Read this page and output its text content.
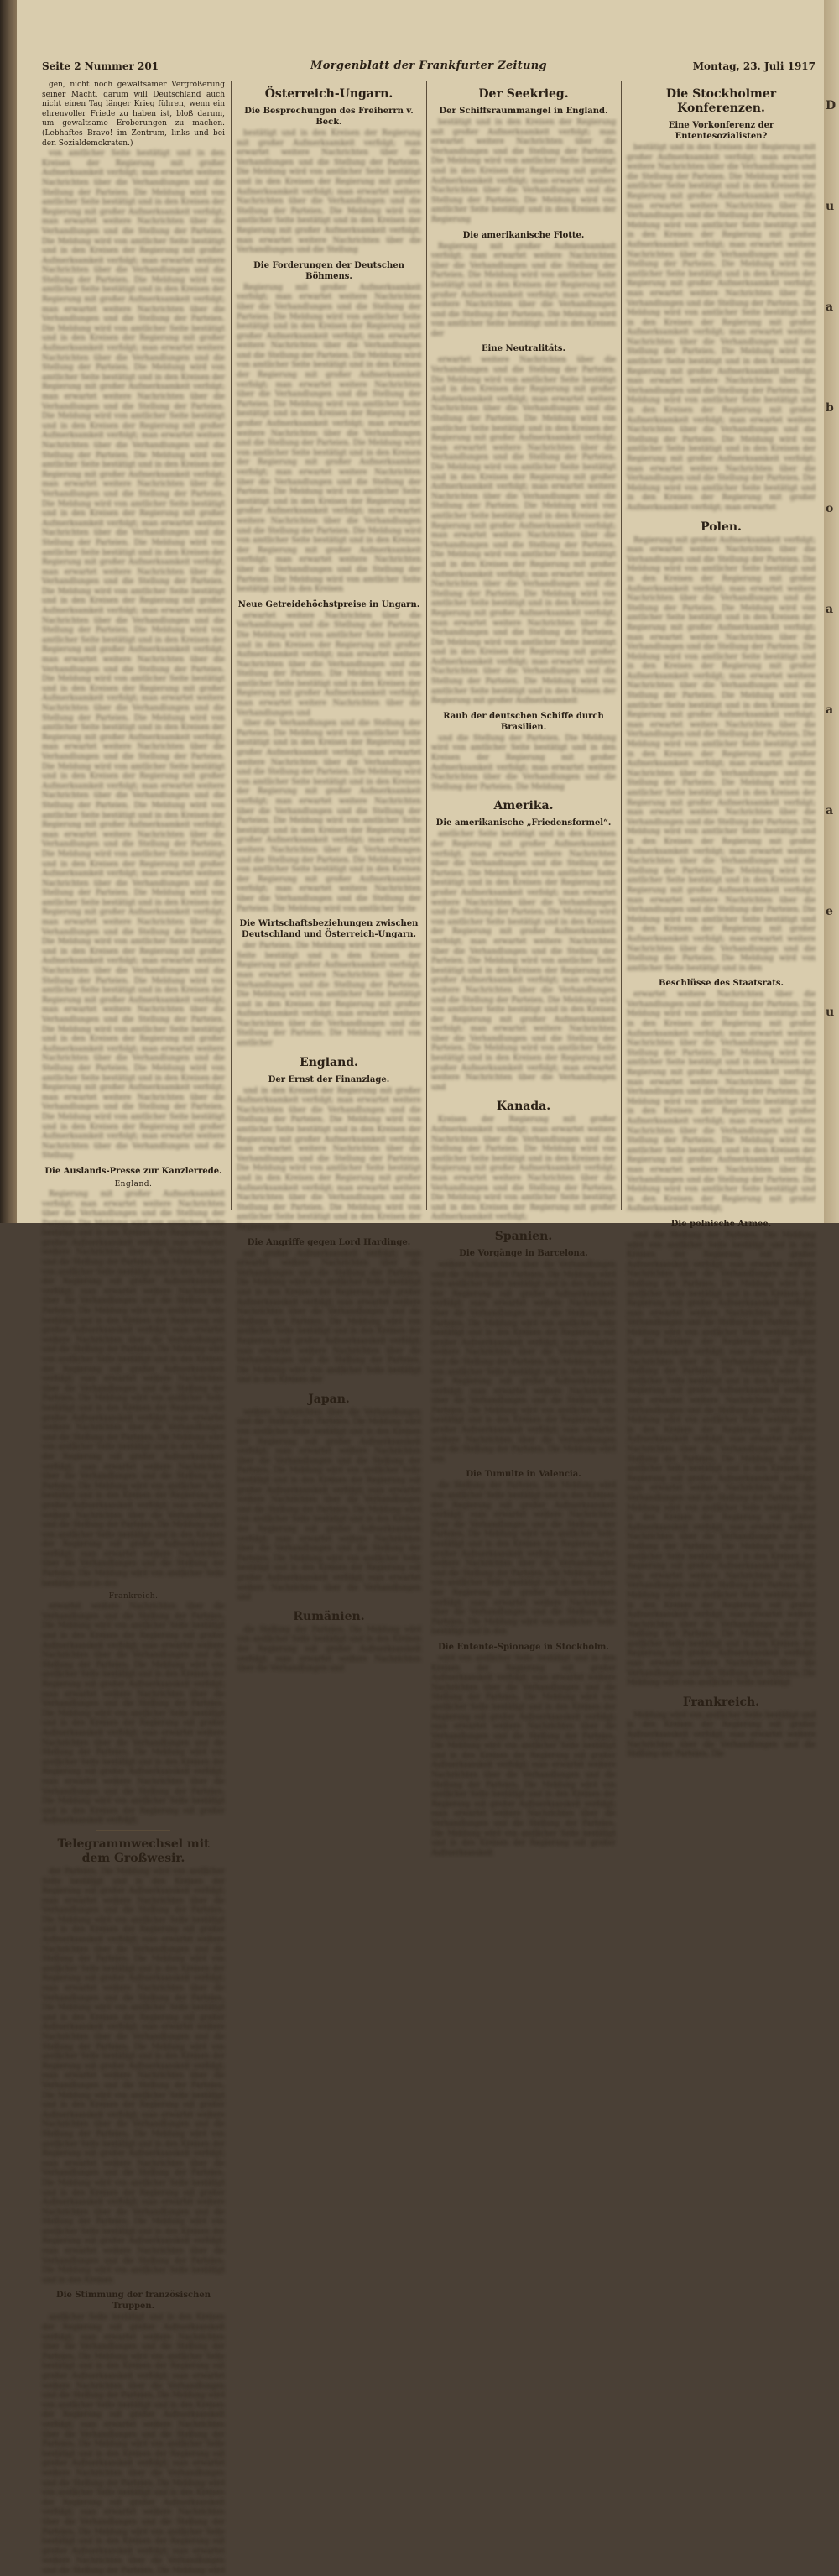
Seite 2 Nummer 201	Morgenblatt der Frankfurter Zeitung	Montag, 23. Juli 1917

gen, nicht noch gewaltsamer Vergrößerung seiner Macht, darum will Deutschland auch nicht einen Tag länger Krieg führen, wenn ein ehrenvoller Friede zu haben ist, bloß darum, um gewaltsame Eroberungen zu machen. (Lebhaftes Bravo! im Zentrum, links und bei den Sozialdemokraten.)

von amtlicher Seite bestätigt und in den Kreisen der Regierung mit großer Aufmerksamkeit verfolgt; man erwartet weitere Nachrichten über die Verhandlungen und die Stellung der Parteien. Die Meldung wird von amtlicher Seite bestätigt und in den Kreisen der Regierung mit großer Aufmerksamkeit verfolgt; man erwartet weitere Nachrichten über die Verhandlungen und die Stellung der Parteien. Die Meldung wird von amtlicher Seite bestätigt und in den Kreisen der Regierung mit großer Aufmerksamkeit verfolgt; man erwartet weitere Nachrichten über die Verhandlungen und die Stellung der Parteien. Die Meldung wird von amtlicher Seite bestätigt und in den Kreisen der Regierung mit großer Aufmerksamkeit verfolgt; man erwartet weitere Nachrichten über die Verhandlungen und die Stellung der Parteien. Die Meldung wird von amtlicher Seite bestätigt und in den Kreisen der Regierung mit großer Aufmerksamkeit verfolgt; man erwartet weitere Nachrichten über die Verhandlungen und die Stellung der Parteien. Die Meldung wird von amtlicher Seite bestätigt und in den Kreisen der Regierung mit großer Aufmerksamkeit verfolgt; man erwartet weitere Nachrichten über die Verhandlungen und die Stellung der Parteien. Die Meldung wird von amtlicher Seite bestätigt und in den Kreisen der Regierung mit großer Aufmerksamkeit verfolgt; man erwartet weitere Nachrichten über die Verhandlungen und die Stellung der Parteien. Die Meldung wird von amtlicher Seite bestätigt und in den Kreisen der Regierung mit großer Aufmerksamkeit verfolgt; man erwartet weitere Nachrichten über die Verhandlungen und die Stellung der Parteien. Die Meldung wird von amtlicher Seite bestätigt und in den Kreisen der Regierung mit großer Aufmerksamkeit verfolgt; man erwartet weitere Nachrichten über die Verhandlungen und die Stellung der Parteien. Die Meldung wird von amtlicher Seite bestätigt und in den Kreisen der Regierung mit großer Aufmerksamkeit verfolgt; man erwartet weitere Nachrichten über die Verhandlungen und die Stellung der Parteien. Die Meldung wird von amtlicher Seite bestätigt und in den Kreisen der Regierung mit großer Aufmerksamkeit verfolgt; man erwartet weitere Nachrichten über die Verhandlungen und die Stellung der Parteien. Die Meldung wird von amtlicher Seite bestätigt und in den Kreisen der Regierung mit großer Aufmerksamkeit verfolgt; man erwartet weitere Nachrichten über die Verhandlungen und die Stellung der Parteien. Die Meldung wird von amtlicher Seite bestätigt und in den Kreisen der Regierung mit großer Aufmerksamkeit verfolgt; man erwartet weitere Nachrichten über die Verhandlungen und die Stellung der Parteien. Die Meldung wird von amtlicher Seite bestätigt und in den Kreisen der Regierung mit großer Aufmerksamkeit verfolgt; man erwartet weitere Nachrichten über die Verhandlungen und die Stellung der Parteien. Die Meldung wird von amtlicher Seite bestätigt und in den Kreisen der Regierung mit großer Aufmerksamkeit verfolgt; man erwartet weitere Nachrichten über die Verhandlungen und die Stellung der Parteien. Die Meldung wird von amtlicher Seite bestätigt und in den Kreisen der Regierung mit großer Aufmerksamkeit verfolgt; man erwartet weitere Nachrichten über die Verhandlungen und die Stellung der Parteien. Die Meldung wird von amtlicher Seite bestätigt und in den Kreisen der Regierung mit großer Aufmerksamkeit verfolgt; man erwartet weitere Nachrichten über die Verhandlungen und die Stellung der Parteien. Die Meldung wird von amtlicher Seite bestätigt und in den Kreisen der Regierung mit großer Aufmerksamkeit verfolgt; man erwartet weitere Nachrichten über die Verhandlungen und die Stellung der Parteien. Die Meldung wird von amtlicher Seite bestätigt und in den Kreisen der Regierung mit großer Aufmerksamkeit verfolgt; man erwartet weitere Nachrichten über die Verhandlungen und die Stellung der Parteien. Die Meldung wird von amtlicher Seite bestätigt und in den Kreisen der Regierung mit großer Aufmerksamkeit verfolgt; man erwartet weitere Nachrichten über die Verhandlungen und die Stellung der Parteien. Die Meldung wird von amtlicher Seite bestätigt und in den Kreisen der Regierung mit großer Aufmerksamkeit verfolgt; man erwartet weitere Nachrichten über die Verhandlungen und die Stellung der Parteien. Die Meldung wird von amtlicher Seite bestätigt und in den Kreisen der Regierung mit großer Aufmerksamkeit verfolgt; man erwartet weitere Nachrichten über die Verhandlungen und die Stellung der Parteien. Die Meldung wird von amtlicher Seite bestätigt und in den Kreisen der Regierung mit großer Aufmerksamkeit verfolgt; man erwartet weitere Nachrichten über die Verhandlungen und die Stellung

Die Auslands-Presse zur Kanzlerrede.
England.

Regierung mit großer Aufmerksamkeit verfolgt; man erwartet weitere Nachrichten über die Verhandlungen und die Stellung der Parteien. Die Meldung wird von amtlicher Seite bestätigt und in den Kreisen der Regierung mit großer Aufmerksamkeit verfolgt; man erwartet weitere Nachrichten über die Verhandlungen und die Stellung der Parteien. Die Meldung wird von amtlicher Seite bestätigt und in den Kreisen der Regierung mit großer Aufmerksamkeit verfolgt; man erwartet weitere Nachrichten über die Verhandlungen und die Stellung der Parteien. Die Meldung wird von amtlicher Seite bestätigt und in den Kreisen der Regierung mit großer Aufmerksamkeit verfolgt; man erwartet weitere Nachrichten über die Verhandlungen und die Stellung der Parteien. Die Meldung wird von amtlicher Seite bestätigt und in den Kreisen der Regierung mit großer Aufmerksamkeit verfolgt; man erwartet weitere Nachrichten über die Verhandlungen und die Stellung der Parteien. Die Meldung wird von amtlicher Seite bestätigt und in den Kreisen der Regierung mit großer Aufmerksamkeit verfolgt; man erwartet weitere Nachrichten über die Verhandlungen und die Stellung der Parteien. Die Meldung wird von amtlicher Seite bestätigt und in den Kreisen der Regierung mit großer Aufmerksamkeit verfolgt; man erwartet weitere Nachrichten über die Verhandlungen und die Stellung der Parteien. Die Meldung wird von amtlicher Seite bestätigt und in den Kreisen der Regierung mit großer Aufmerksamkeit verfolgt; man erwartet weitere Nachrichten über die Verhandlungen und die Stellung der Parteien. Die Meldung wird von amtlicher Seite bestätigt und in den Kreisen der Regierung mit großer Aufmerksamkeit verfolgt; man erwartet weitere Nachrichten über die Verhandlungen und die Stellung der Parteien. Die Meldung wird von amtlicher Seite bestätigt und in den

Frankreich.

erwartet weitere Nachrichten über die Verhandlungen und die Stellung der Parteien. Die Meldung wird von amtlicher Seite bestätigt und in den Kreisen der Regierung mit großer Aufmerksamkeit verfolgt; man erwartet weitere Nachrichten über die Verhandlungen und die Stellung der Parteien. Die Meldung wird von amtlicher Seite bestätigt und in den Kreisen der Regierung mit großer Aufmerksamkeit verfolgt; man erwartet weitere Nachrichten über die Verhandlungen und die Stellung der Parteien. Die Meldung wird von amtlicher Seite bestätigt und in den Kreisen der Regierung mit großer Aufmerksamkeit verfolgt; man erwartet weitere Nachrichten über die Verhandlungen und die Stellung der Parteien. Die Meldung wird von amtlicher Seite bestätigt und in den Kreisen der Regierung mit großer Aufmerksamkeit verfolgt; man erwartet weitere Nachrichten über die Verhandlungen und die Stellung der Parteien. Die Meldung wird von amtlicher Seite bestätigt und in den Kreisen der Regierung mit großer Aufmerksamkeit verfolgt;

Telegrammwechsel mit dem Großwesir.

der Parteien. Die Meldung wird von amtlicher Seite bestätigt und in den Kreisen der Regierung mit großer Aufmerksamkeit verfolgt; man erwartet weitere Nachrichten über die Verhandlungen und die Stellung der Parteien. Die Meldung wird von amtlicher Seite bestätigt und in den Kreisen der Regierung mit großer Aufmerksamkeit verfolgt; man erwartet weitere Nachrichten über die Verhandlungen und die Stellung der Parteien. Die Meldung wird von amtlicher Seite bestätigt und in den Kreisen der Regierung mit großer Aufmerksamkeit verfolgt; man erwartet weitere Nachrichten über die Verhandlungen und die Stellung der Parteien. Die Meldung wird von amtlicher Seite bestätigt und in den Kreisen der Regierung mit großer Aufmerksamkeit verfolgt; man erwartet weitere Nachrichten über die Verhandlungen und die Stellung der Parteien. Die Meldung wird von amtlicher Seite bestätigt und in den Kreisen der Regierung mit großer Aufmerksamkeit verfolgt; man erwartet weitere Nachrichten über die Verhandlungen und die Stellung der Parteien. Die Meldung wird von amtlicher Seite bestätigt und in den Kreisen der Regierung mit großer Aufmerksamkeit verfolgt; man erwartet weitere Nachrichten über die Verhandlungen und die Stellung der Parteien. Die Meldung wird von amtlicher Seite bestätigt und in den Kreisen der Regierung mit großer Aufmerksamkeit verfolgt; man erwartet weitere Nachrichten über die Verhandlungen und die Stellung der Parteien. Die Meldung wird von amtlicher Seite bestätigt und in den Kreisen der Regierung mit großer Aufmerksamkeit verfolgt; man erwartet weitere Nachrichten über die Verhandlungen und die Stellung der Parteien. Die Meldung wird von amtlicher Seite bestätigt und in den Kreisen der Regierung mit großer Aufmerksamkeit verfolgt; man erwartet weitere Nachrichten über die Verhandlungen und die Stellung der Parteien. Die Meldung wird von amtlicher Seite bestätigt und in den Kreisen

Die Stimmung der französischen Truppen.

amtlicher Seite bestätigt und in den Kreisen der Regierung mit großer Aufmerksamkeit verfolgt; man erwartet weitere Nachrichten über die Verhandlungen und die Stellung der Parteien. Die Meldung wird von amtlicher Seite bestätigt und in den Kreisen der Regierung mit großer Aufmerksamkeit verfolgt; man erwartet weitere Nachrichten über die Verhandlungen und die Stellung der Parteien. Die Meldung wird von amtlicher Seite bestätigt und in den Kreisen der Regierung mit großer Aufmerksamkeit verfolgt; man erwartet weitere Nachrichten über die Verhandlungen und die Stellung der Parteien. Die Meldung wird von amtlicher Seite bestätigt und in den Kreisen der Regierung mit großer Aufmerksamkeit verfolgt; man erwartet weitere Nachrichten über die Verhandlungen und die Stellung der Parteien. Die Meldung wird von amtlicher Seite bestätigt und in den Kreisen der Regierung mit großer Aufmerksamkeit verfolgt; man erwartet weitere Nachrichten über die Verhandlungen und die Stellung der Parteien. Die Meldung wird von amtlicher Seite bestätigt und in den Kreisen der Regierung mit großer Aufmerksamkeit verfolgt; man erwartet weitere Nachrichten über die Verhandlungen und die Stellung der Parteien. Die Meldung wird

Österreich-Ungarn.
Die Besprechungen des Freiherrn v. Beck.

bestätigt und in den Kreisen der Regierung mit großer Aufmerksamkeit verfolgt; man erwartet weitere Nachrichten über die Verhandlungen und die Stellung der Parteien. Die Meldung wird von amtlicher Seite bestätigt und in den Kreisen der Regierung mit großer Aufmerksamkeit verfolgt; man erwartet weitere Nachrichten über die Verhandlungen und die Stellung der Parteien. Die Meldung wird von amtlicher Seite bestätigt und in den Kreisen der Regierung mit großer Aufmerksamkeit verfolgt; man erwartet weitere Nachrichten über die Verhandlungen und die Stellung

Die Forderungen der Deutschen Böhmens.

Regierung mit großer Aufmerksamkeit verfolgt; man erwartet weitere Nachrichten über die Verhandlungen und die Stellung der Parteien. Die Meldung wird von amtlicher Seite bestätigt und in den Kreisen der Regierung mit großer Aufmerksamkeit verfolgt; man erwartet weitere Nachrichten über die Verhandlungen und die Stellung der Parteien. Die Meldung wird von amtlicher Seite bestätigt und in den Kreisen der Regierung mit großer Aufmerksamkeit verfolgt; man erwartet weitere Nachrichten über die Verhandlungen und die Stellung der Parteien. Die Meldung wird von amtlicher Seite bestätigt und in den Kreisen der Regierung mit großer Aufmerksamkeit verfolgt; man erwartet weitere Nachrichten über die Verhandlungen und die Stellung der Parteien. Die Meldung wird von amtlicher Seite bestätigt und in den Kreisen der Regierung mit großer Aufmerksamkeit verfolgt; man erwartet weitere Nachrichten über die Verhandlungen und die Stellung der Parteien. Die Meldung wird von amtlicher Seite bestätigt und in den Kreisen der Regierung mit großer Aufmerksamkeit verfolgt; man erwartet weitere Nachrichten über die Verhandlungen und die Stellung der Parteien. Die Meldung wird von amtlicher Seite bestätigt und in den Kreisen der Regierung mit großer Aufmerksamkeit verfolgt; man erwartet weitere Nachrichten über die Verhandlungen und die Stellung der Parteien. Die Meldung wird von amtlicher Seite bestätigt und in den Kreisen

Neue Getreidehöchstpreise in Ungarn.

erwartet weitere Nachrichten über die Verhandlungen und die Stellung der Parteien. Die Meldung wird von amtlicher Seite bestätigt und in den Kreisen der Regierung mit großer Aufmerksamkeit verfolgt; man erwartet weitere Nachrichten über die Verhandlungen und die Stellung der Parteien. Die Meldung wird von amtlicher Seite bestätigt und in den Kreisen der Regierung mit großer Aufmerksamkeit verfolgt; man erwartet weitere Nachrichten über die Verhandlungen und

über die Verhandlungen und die Stellung der Parteien. Die Meldung wird von amtlicher Seite bestätigt und in den Kreisen der Regierung mit großer Aufmerksamkeit verfolgt; man erwartet weitere Nachrichten über die Verhandlungen und die Stellung der Parteien. Die Meldung wird von amtlicher Seite bestätigt und in den Kreisen der Regierung mit großer Aufmerksamkeit verfolgt; man erwartet weitere Nachrichten über die Verhandlungen und die Stellung der Parteien. Die Meldung wird von amtlicher Seite bestätigt und in den Kreisen der Regierung mit großer Aufmerksamkeit verfolgt; man erwartet weitere Nachrichten über die Verhandlungen und die Stellung der Parteien. Die Meldung wird von amtlicher Seite bestätigt und in den Kreisen der Regierung mit großer Aufmerksamkeit verfolgt; man erwartet weitere Nachrichten über die Verhandlungen und die Stellung der Parteien. Die Meldung wird von amtlicher Seite

Die Wirtschaftsbeziehungen zwischen Deutschland und Österreich-Ungarn.

der Parteien. Die Meldung wird von amtlicher Seite bestätigt und in den Kreisen der Regierung mit großer Aufmerksamkeit verfolgt; man erwartet weitere Nachrichten über die Verhandlungen und die Stellung der Parteien. Die Meldung wird von amtlicher Seite bestätigt und in den Kreisen der Regierung mit großer Aufmerksamkeit verfolgt; man erwartet weitere Nachrichten über die Verhandlungen und die Stellung der Parteien. Die Meldung wird von amtlicher

England.
Der Ernst der Finanzlage.

und in den Kreisen der Regierung mit großer Aufmerksamkeit verfolgt; man erwartet weitere Nachrichten über die Verhandlungen und die Stellung der Parteien. Die Meldung wird von amtlicher Seite bestätigt und in den Kreisen der Regierung mit großer Aufmerksamkeit verfolgt; man erwartet weitere Nachrichten über die Verhandlungen und die Stellung der Parteien. Die Meldung wird von amtlicher Seite bestätigt und in den Kreisen der Regierung mit großer Aufmerksamkeit verfolgt; man erwartet weitere Nachrichten über die Verhandlungen und die Stellung der Parteien. Die Meldung wird von amtlicher Seite bestätigt und in den Kreisen der Regierung mit

Die Angriffe gegen Lord Hardinge.

mit großer Aufmerksamkeit verfolgt; man erwartet weitere Nachrichten über die Verhandlungen und die Stellung der Parteien. Die Meldung wird von amtlicher Seite bestätigt und in den Kreisen der Regierung mit großer Aufmerksamkeit verfolgt; man erwartet weitere Nachrichten über die Verhandlungen und die Stellung der Parteien. Die Meldung wird von amtlicher Seite bestätigt und in den Kreisen der Regierung mit großer Aufmerksamkeit verfolgt; man erwartet weitere Nachrichten über die Verhandlungen und die Stellung der Parteien. Die Meldung wird von amtlicher Seite bestätigt und in den Kreisen der

Japan.

weitere Nachrichten über die Verhandlungen und die Stellung der Parteien. Die Meldung wird von amtlicher Seite bestätigt und in den Kreisen der Regierung mit großer Aufmerksamkeit verfolgt; man erwartet weitere Nachrichten über die Verhandlungen und die Stellung der Parteien. Die Meldung wird von amtlicher Seite bestätigt und in den Kreisen der Regierung mit großer Aufmerksamkeit verfolgt; man erwartet weitere Nachrichten über die Verhandlungen und die Stellung der Parteien. Die Meldung wird von amtlicher Seite bestätigt und in den Kreisen der Regierung mit großer Aufmerksamkeit verfolgt; man erwartet weitere Nachrichten über die Verhandlungen und die Stellung der Parteien. Die Meldung wird von amtlicher Seite bestätigt und in den Kreisen der Regierung mit großer Aufmerksamkeit verfolgt; man erwartet weitere Nachrichten über die Verhandlungen und

Rumänien.

die Stellung der Parteien. Die Meldung wird von amtlicher Seite bestätigt und in den Kreisen der Regierung mit großer Aufmerksamkeit verfolgt; man erwartet weitere Nachrichten über die Verhandlungen und

Der Seekrieg.
Der Schiffsraummangel in England.

bestätigt und in den Kreisen der Regierung mit großer Aufmerksamkeit verfolgt; man erwartet weitere Nachrichten über die Verhandlungen und die Stellung der Parteien. Die Meldung wird von amtlicher Seite bestätigt und in den Kreisen der Regierung mit großer Aufmerksamkeit verfolgt; man erwartet weitere Nachrichten über die Verhandlungen und die Stellung der Parteien. Die Meldung wird von amtlicher Seite bestätigt und in den Kreisen der Regierung

Die amerikanische Flotte.

Regierung mit großer Aufmerksamkeit verfolgt; man erwartet weitere Nachrichten über die Verhandlungen und die Stellung der Parteien. Die Meldung wird von amtlicher Seite bestätigt und in den Kreisen der Regierung mit großer Aufmerksamkeit verfolgt; man erwartet weitere Nachrichten über die Verhandlungen und die Stellung der Parteien. Die Meldung wird von amtlicher Seite bestätigt und in den Kreisen der

Eine Neutralitäts.

erwartet weitere Nachrichten über die Verhandlungen und die Stellung der Parteien. Die Meldung wird von amtlicher Seite bestätigt und in den Kreisen der Regierung mit großer Aufmerksamkeit verfolgt; man erwartet weitere Nachrichten über die Verhandlungen und die Stellung der Parteien. Die Meldung wird von amtlicher Seite bestätigt und in den Kreisen der Regierung mit großer Aufmerksamkeit verfolgt; man erwartet weitere Nachrichten über die Verhandlungen und die Stellung der Parteien. Die Meldung wird von amtlicher Seite bestätigt und in den Kreisen der Regierung mit großer Aufmerksamkeit verfolgt; man erwartet weitere Nachrichten über die Verhandlungen und die Stellung der Parteien. Die Meldung wird von amtlicher Seite bestätigt und in den Kreisen der Regierung mit großer Aufmerksamkeit verfolgt; man erwartet weitere Nachrichten über die Verhandlungen und die Stellung der Parteien. Die Meldung wird von amtlicher Seite bestätigt und in den Kreisen der Regierung mit großer Aufmerksamkeit verfolgt; man erwartet weitere Nachrichten über die Verhandlungen und die Stellung der Parteien. Die Meldung wird von amtlicher Seite bestätigt und in den Kreisen der Regierung mit großer Aufmerksamkeit verfolgt; man erwartet weitere Nachrichten über die Verhandlungen und die Stellung der Parteien. Die Meldung wird von amtlicher Seite bestätigt und in den Kreisen der Regierung mit großer Aufmerksamkeit verfolgt; man erwartet weitere Nachrichten über die Verhandlungen und die Stellung der Parteien. Die Meldung wird von amtlicher Seite bestätigt und in den Kreisen der Regierung mit großer Aufmerksamkeit

Raub der deutschen Schiffe durch Brasilien.

und die Stellung der Parteien. Die Meldung wird von amtlicher Seite bestätigt und in den Kreisen der Regierung mit großer Aufmerksamkeit verfolgt; man erwartet weitere Nachrichten über die Verhandlungen und die Stellung der Parteien. Die Meldung

Amerika.
Die amerikanische „Friedensformel“.

amtlicher Seite bestätigt und in den Kreisen der Regierung mit großer Aufmerksamkeit verfolgt; man erwartet weitere Nachrichten über die Verhandlungen und die Stellung der Parteien. Die Meldung wird von amtlicher Seite bestätigt und in den Kreisen der Regierung mit großer Aufmerksamkeit verfolgt; man erwartet weitere Nachrichten über die Verhandlungen und die Stellung der Parteien. Die Meldung wird von amtlicher Seite bestätigt und in den Kreisen der Regierung mit großer Aufmerksamkeit verfolgt; man erwartet weitere Nachrichten über die Verhandlungen und die Stellung der Parteien. Die Meldung wird von amtlicher Seite bestätigt und in den Kreisen der Regierung mit großer Aufmerksamkeit verfolgt; man erwartet weitere Nachrichten über die Verhandlungen und die Stellung der Parteien. Die Meldung wird von amtlicher Seite bestätigt und in den Kreisen der Regierung mit großer Aufmerksamkeit verfolgt; man erwartet weitere Nachrichten über die Verhandlungen und die Stellung der Parteien. Die Meldung wird von amtlicher Seite bestätigt und in den Kreisen der Regierung mit großer Aufmerksamkeit verfolgt; man erwartet weitere Nachrichten über die Verhandlungen und

Kanada.

Kreisen der Regierung mit großer Aufmerksamkeit verfolgt; man erwartet weitere Nachrichten über die Verhandlungen und die Stellung der Parteien. Die Meldung wird von amtlicher Seite bestätigt und in den Kreisen der Regierung mit großer Aufmerksamkeit verfolgt; man erwartet weitere Nachrichten über die Verhandlungen und die Stellung der Parteien. Die Meldung wird von amtlicher Seite bestätigt und in den Kreisen der Regierung mit großer Aufmerksamkeit verfolgt;

Spanien.
Die Vorgänge in Barcelona.

weitere Nachrichten über die Verhandlungen und die Stellung der Parteien. Die Meldung wird von amtlicher Seite bestätigt und in den Kreisen der Regierung mit großer Aufmerksamkeit verfolgt; man erwartet weitere Nachrichten über die Verhandlungen und die Stellung der Parteien. Die Meldung wird von amtlicher Seite bestätigt und in den Kreisen der Regierung mit großer Aufmerksamkeit verfolgt; man erwartet weitere Nachrichten über die Verhandlungen und die Stellung der Parteien. Die Meldung wird von amtlicher Seite bestätigt und in den Kreisen der Regierung mit großer Aufmerksamkeit verfolgt; man erwartet weitere Nachrichten über die Verhandlungen und die Stellung der Parteien. Die Meldung wird von amtlicher Seite bestätigt und in den Kreisen der Regierung mit großer Aufmerksamkeit verfolgt; man erwartet weitere Nachrichten über die Verhandlungen und die Stellung der Parteien. Die Meldung wird von

Die Tumulte in Valencia.

die Stellung der Parteien. Die Meldung wird von amtlicher Seite bestätigt und in den Kreisen der Regierung mit großer Aufmerksamkeit verfolgt; man erwartet weitere Nachrichten über die Verhandlungen und die Stellung der Parteien. Die Meldung wird von amtlicher Seite bestätigt und in den Kreisen der Regierung mit großer Aufmerksamkeit verfolgt; man erwartet weitere Nachrichten über die Verhandlungen und die Stellung der Parteien. Die Meldung wird von amtlicher Seite bestätigt und in den Kreisen der Regierung mit großer Aufmerksamkeit verfolgt; man erwartet weitere Nachrichten über die Verhandlungen und die Stellung der Parteien. Die Meldung wird von amtlicher Seite bestätigt und in den

Die Entente-Spionage in Stockholm.

wird von amtlicher Seite bestätigt und in den Kreisen der Regierung mit großer Aufmerksamkeit verfolgt; man erwartet weitere Nachrichten über die Verhandlungen und die Stellung der Parteien. Die Meldung wird von amtlicher Seite bestätigt und in den Kreisen der Regierung mit großer Aufmerksamkeit verfolgt; man erwartet weitere Nachrichten über die Verhandlungen und die Stellung der Parteien. Die Meldung wird von amtlicher Seite bestätigt und in den Kreisen der Regierung mit großer Aufmerksamkeit verfolgt; man erwartet weitere Nachrichten über die Verhandlungen und die Stellung der Parteien. Die Meldung wird von amtlicher Seite bestätigt und in den Kreisen der Regierung mit großer Aufmerksamkeit verfolgt; man erwartet weitere Nachrichten über die Verhandlungen und die Stellung der Parteien. Die Meldung wird von amtlicher Seite bestätigt und in den Kreisen der Regierung mit großer Aufmerksamkeit

Die Stockholmer Konferenzen.
Eine Vorkonferenz der Ententesozialisten?

bestätigt und in den Kreisen der Regierung mit großer Aufmerksamkeit verfolgt; man erwartet weitere Nachrichten über die Verhandlungen und die Stellung der Parteien. Die Meldung wird von amtlicher Seite bestätigt und in den Kreisen der Regierung mit großer Aufmerksamkeit verfolgt; man erwartet weitere Nachrichten über die Verhandlungen und die Stellung der Parteien. Die Meldung wird von amtlicher Seite bestätigt und in den Kreisen der Regierung mit großer Aufmerksamkeit verfolgt; man erwartet weitere Nachrichten über die Verhandlungen und die Stellung der Parteien. Die Meldung wird von amtlicher Seite bestätigt und in den Kreisen der Regierung mit großer Aufmerksamkeit verfolgt; man erwartet weitere Nachrichten über die Verhandlungen und die Stellung der Parteien. Die Meldung wird von amtlicher Seite bestätigt und in den Kreisen der Regierung mit großer Aufmerksamkeit verfolgt; man erwartet weitere Nachrichten über die Verhandlungen und die Stellung der Parteien. Die Meldung wird von amtlicher Seite bestätigt und in den Kreisen der Regierung mit großer Aufmerksamkeit verfolgt; man erwartet weitere Nachrichten über die Verhandlungen und die Stellung der Parteien. Die Meldung wird von amtlicher Seite bestätigt und in den Kreisen der Regierung mit großer Aufmerksamkeit verfolgt; man erwartet weitere Nachrichten über die Verhandlungen und die Stellung der Parteien. Die Meldung wird von amtlicher Seite bestätigt und in den Kreisen der Regierung mit großer Aufmerksamkeit verfolgt; man erwartet weitere Nachrichten über die Verhandlungen und die Stellung der Parteien. Die Meldung wird von amtlicher Seite bestätigt und in den Kreisen der Regierung mit großer Aufmerksamkeit verfolgt; man erwartet

Polen.

Regierung mit großer Aufmerksamkeit verfolgt; man erwartet weitere Nachrichten über die Verhandlungen und die Stellung der Parteien. Die Meldung wird von amtlicher Seite bestätigt und in den Kreisen der Regierung mit großer Aufmerksamkeit verfolgt; man erwartet weitere Nachrichten über die Verhandlungen und die Stellung der Parteien. Die Meldung wird von amtlicher Seite bestätigt und in den Kreisen der Regierung mit großer Aufmerksamkeit verfolgt; man erwartet weitere Nachrichten über die Verhandlungen und die Stellung der Parteien. Die Meldung wird von amtlicher Seite bestätigt und in den Kreisen der Regierung mit großer Aufmerksamkeit verfolgt; man erwartet weitere Nachrichten über die Verhandlungen und die Stellung der Parteien. Die Meldung wird von amtlicher Seite bestätigt und in den Kreisen der Regierung mit großer Aufmerksamkeit verfolgt; man erwartet weitere Nachrichten über die Verhandlungen und die Stellung der Parteien. Die Meldung wird von amtlicher Seite bestätigt und in den Kreisen der Regierung mit großer Aufmerksamkeit verfolgt; man erwartet weitere Nachrichten über die Verhandlungen und die Stellung der Parteien. Die Meldung wird von amtlicher Seite bestätigt und in den Kreisen der Regierung mit großer Aufmerksamkeit verfolgt; man erwartet weitere Nachrichten über die Verhandlungen und die Stellung der Parteien. Die Meldung wird von amtlicher Seite bestätigt und in den Kreisen der Regierung mit großer Aufmerksamkeit verfolgt; man erwartet weitere Nachrichten über die Verhandlungen und die Stellung der Parteien. Die Meldung wird von amtlicher Seite bestätigt und in den Kreisen der Regierung mit großer Aufmerksamkeit verfolgt; man erwartet weitere Nachrichten über die Verhandlungen und die Stellung der Parteien. Die Meldung wird von amtlicher Seite bestätigt und in den Kreisen der Regierung mit großer Aufmerksamkeit verfolgt; man erwartet weitere Nachrichten über die Verhandlungen und die Stellung der Parteien. Die Meldung wird von amtlicher Seite bestätigt und in den

Beschlüsse des Staatsrats.

erwartet weitere Nachrichten über die Verhandlungen und die Stellung der Parteien. Die Meldung wird von amtlicher Seite bestätigt und in den Kreisen der Regierung mit großer Aufmerksamkeit verfolgt; man erwartet weitere Nachrichten über die Verhandlungen und die Stellung der Parteien. Die Meldung wird von amtlicher Seite bestätigt und in den Kreisen der Regierung mit großer Aufmerksamkeit verfolgt; man erwartet weitere Nachrichten über die Verhandlungen und die Stellung der Parteien. Die Meldung wird von amtlicher Seite bestätigt und in den Kreisen der Regierung mit großer Aufmerksamkeit verfolgt; man erwartet weitere Nachrichten über die Verhandlungen und die Stellung der Parteien. Die Meldung wird von amtlicher Seite bestätigt und in den Kreisen der Regierung mit großer Aufmerksamkeit verfolgt; man erwartet weitere Nachrichten über die Verhandlungen und die Stellung der Parteien. Die Meldung wird von amtlicher Seite bestätigt und in den Kreisen der Regierung mit großer Aufmerksamkeit verfolgt;

Die polnische Armee.

und die Stellung der Parteien. Die Meldung wird von amtlicher Seite bestätigt und in den Kreisen der Regierung mit großer Aufmerksamkeit verfolgt; man erwartet weitere Nachrichten über die Verhandlungen und die Stellung der Parteien. Die Meldung wird von amtlicher Seite bestätigt und in den Kreisen der Regierung mit großer Aufmerksamkeit verfolgt; man erwartet weitere Nachrichten über die Verhandlungen und die Stellung der Parteien. Die Meldung wird von amtlicher Seite bestätigt und in den Kreisen der Regierung mit großer Aufmerksamkeit verfolgt; man erwartet weitere Nachrichten über die Verhandlungen und die Stellung der Parteien. Die Meldung wird von amtlicher Seite bestätigt und in den Kreisen der Regierung mit großer Aufmerksamkeit verfolgt; man erwartet weitere Nachrichten über die Verhandlungen und die Stellung der Parteien. Die Meldung wird von amtlicher Seite bestätigt und in den Kreisen der Regierung mit großer Aufmerksamkeit verfolgt; man erwartet weitere Nachrichten über die Verhandlungen und die Stellung der Parteien. Die Meldung wird von amtlicher Seite bestätigt und in den Kreisen der Regierung mit großer Aufmerksamkeit verfolgt; man erwartet weitere Nachrichten über die Verhandlungen und die Stellung der Parteien. Die Meldung wird von amtlicher Seite bestätigt und in den Kreisen der Regierung mit großer Aufmerksamkeit verfolgt; man erwartet weitere Nachrichten über die Verhandlungen und die Stellung der Parteien. Die Meldung wird von amtlicher Seite bestätigt und in den Kreisen der Regierung mit großer Aufmerksamkeit verfolgt; man erwartet weitere Nachrichten über die Verhandlungen und die Stellung der Parteien. Die Meldung wird von amtlicher Seite bestätigt und in den Kreisen der Regierung mit großer Aufmerksamkeit verfolgt; man erwartet weitere Nachrichten über die Verhandlungen und die Stellung der Parteien. Die Meldung wird von amtlicher Seite bestätigt und in den Kreisen der Regierung mit großer Aufmerksamkeit verfolgt; man erwartet weitere Nachrichten über die Verhandlungen und die Stellung der Parteien. Die Meldung wird von amtlicher Seite bestätigt

Frankreich.

Meldung wird von amtlicher Seite bestätigt und in den Kreisen der Regierung mit großer Aufmerksamkeit verfolgt; man erwartet weitere Nachrichten über die Verhandlungen und die Stellung der Parteien. Die

D
u
a
b
o
a
a
a
e
u
